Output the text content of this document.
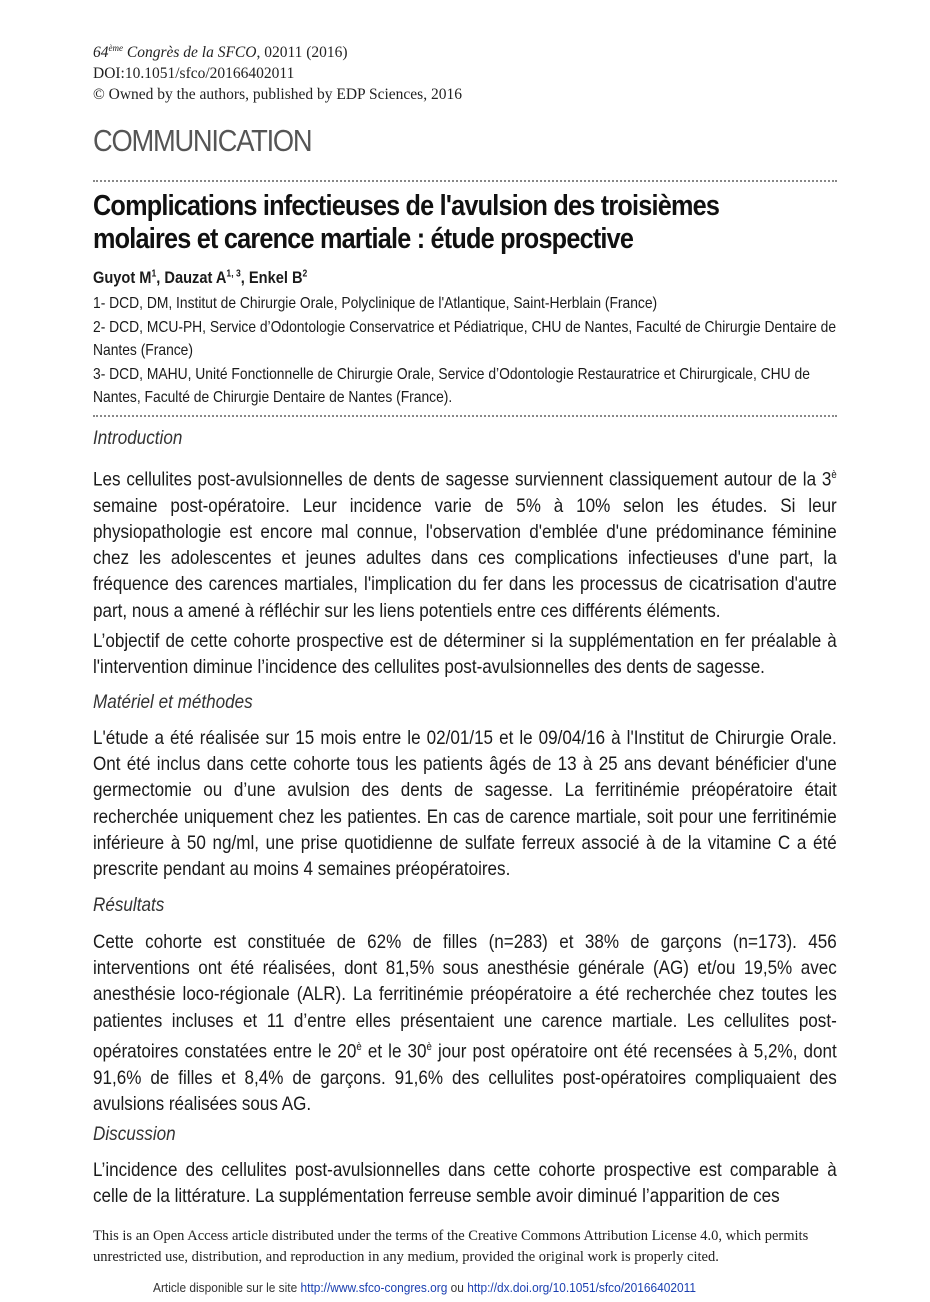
64ème Congrès de la SFCO, 02011 (2016)
DOI:10.1051/sfco/20166402011
© Owned by the authors, published by EDP Sciences, 2016
COMMUNICATION
Complications infectieuses de l'avulsion des troisièmes
molaires et carence martiale : étude prospective
Guyot $M^1$, Dauzat A$^{1, 3}$, Enkel $B^2$

1- DCD, DM, Institut de Chirurgie Orale, Polyclinique de l'Atlantique, Saint-Herblain (France)

2- DCD, MCU-PH, Service d’Odontologie Conservatrice et Pédiatrique, CHU de Nantes, Faculté de Chirurgie Dentaire de Nantes (France)

3- DCD, MAHU, Unité Fonctionnelle de Chirurgie Orale, Service d’Odontologie Restauratrice et Chirurgicale, CHU de Nantes, Faculté de Chirurgie Dentaire de Nantes (France).

Introduction
Les cellulites post-avulsionnelles de dents de sagesse surviennent classiquement autour de la $3^è$ semaine post-opératoire. Leur incidence varie de 5% à 10% selon les études. Si leur physiopathologie est encore mal connue, l'observation d'emblée d'une prédominance féminine chez les adolescentes et jeunes adultes dans ces complications infectieuses d'une part, la fréquence des carences martiales, l'implication du fer dans les processus de cicatrisation d'autre part, nous a amené à réfléchir sur les liens potentiels entre ces différents éléments.
L’objectif de cette cohorte prospective est de déterminer si la supplémentation en fer préalable à l'intervention diminue l’incidence des cellulites post-avulsionnelles des dents de sagesse.
Matériel et méthodes
L'étude a été réalisée sur 15 mois entre le 02/01/15 et le 09/04/16 à l'Institut de Chirurgie Orale. Ont été inclus dans cette cohorte tous les patients âgés de 13 à 25 ans devant bénéficier d'une germectomie ou d’une avulsion des dents de sagesse. La ferritinémie préopératoire était recherchée uniquement chez les patientes. En cas de carence martiale, soit pour une ferritinémie inférieure à 50 ng/ml, une prise quotidienne de sulfate ferreux associé à de la vitamine C a été prescrite pendant au moins 4 semaines préopératoires.
Résultats
Cette cohorte est constituée de 62% de filles (n=283) et 38% de garçons (n=173). 456 interventions ont été réalisées, dont 81,5% sous anesthésie générale (AG) et/ou 19,5% avec anesthésie loco-régionale (ALR). La ferritinémie préopératoire a été recherchée chez toutes les patientes incluses et 11 d’entre elles présentaient une carence martiale. Les cellulites post-opératoires constatées entre le $20^è$ et le $30^è$ jour post opératoire ont été recensées à 5,2%, dont 91,6% de filles et 8,4% de garçons. 91,6% des cellulites post-opératoires compliquaient des avulsions réalisées sous AG.
Discussion
L’incidence des cellulites post-avulsionnelles dans cette cohorte prospective est comparable à celle de la littérature. La supplémentation ferreuse semble avoir diminué l’apparition de ces
This is an Open Access article distributed under the terms of the Creative Commons Attribution License 4.0, which permits unrestricted use, distribution, and reproduction in any medium, provided the original work is properly cited.
Article disponible sur le site http://www.sfco-congres.org ou http://dx.doi.org/10.1051/sfco/20166402011
